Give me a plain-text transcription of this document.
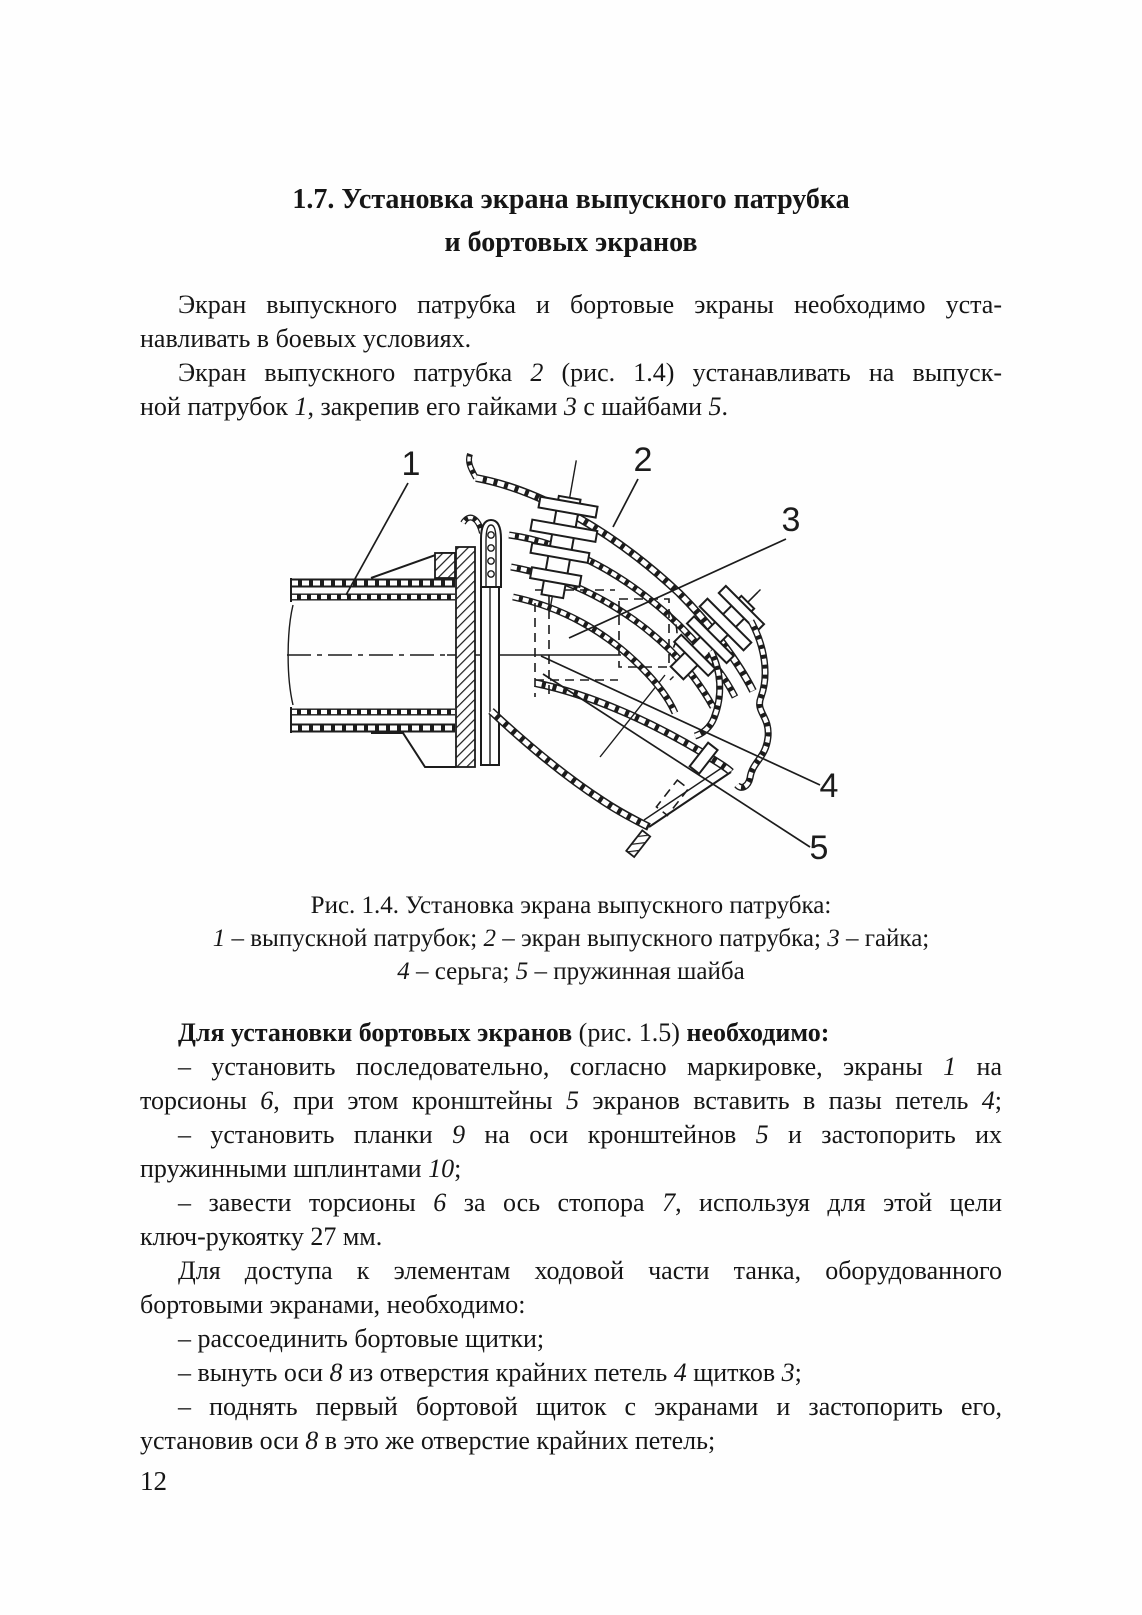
1.7. Установка экрана выпускного патрубка
и бортовых экранов
Экран выпускного патрубка и бортовые экраны необходимо уста-
навливать в боевых условиях.
Экран выпускного патрубка 2 (рис. 1.4) устанавливать на выпуск-
ной патрубок 1, закрепив его гайками 3 с шайбами 5.
1	2
3
4
5
Рис. 1.4. Установка экрана выпускного патрубка:
1 – выпускной патрубок; 2 – экран выпускного патрубка; 3 – гайка;
4 – серьга; 5 – пружинная шайба
Для установки бортовых экранов (рис. 1.5) необходимо:
– установить последовательно, согласно маркировке, экраны 1 на
торсионы 6, при этом кронштейны 5 экранов вставить в пазы петель 4;
– установить планки 9 на оси кронштейнов 5 и застопорить их
пружинными шплинтами 10;
– завести торсионы 6 за ось стопора 7, используя для этой цели
ключ-рукоятку 27 мм.
Для доступа к элементам ходовой части танка, оборудованного
бортовыми экранами, необходимо:
– рассоединить бортовые щитки;
– вынуть оси 8 из отверстия крайних петель 4 щитков 3;
– поднять первый бортовой щиток с экранами и застопорить его,
установив оси 8 в это же отверстие крайних петель;
12
